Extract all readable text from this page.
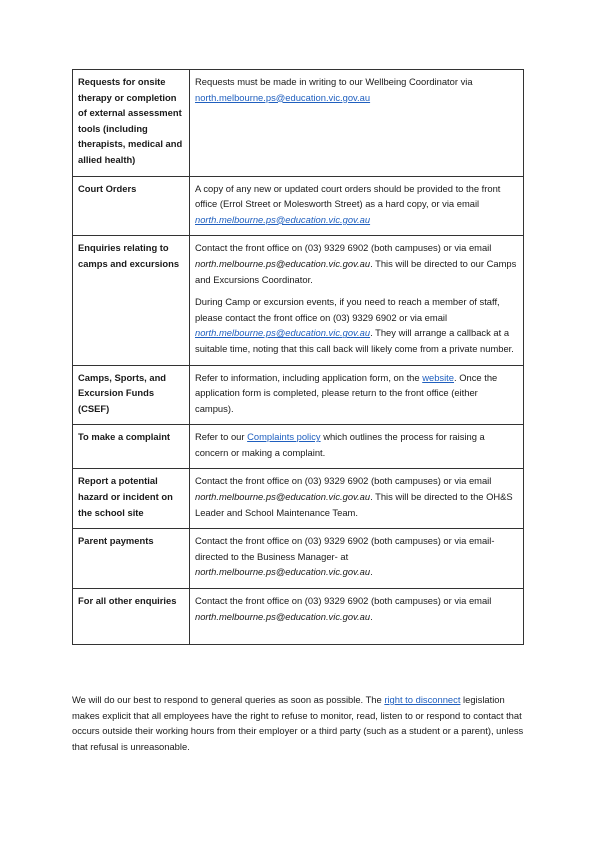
Requests for onsite therapy or completion of external assessment tools (including therapists, medical and allied health)	Requests must be made in writing to our Wellbeing Coordinator via north.melbourne.ps@education.vic.gov.au

Court Orders	A copy of any new or updated court orders should be provided to the front office (Errol Street or Molesworth Street) as a hard copy, or via email north.melbourne.ps@education.vic.gov.au

Enquiries relating to camps and excursions	Contact the front office on (03) 9329 6902 (both campuses) or via email north.melbourne.ps@education.vic.gov.au. This will be directed to our Camps and Excursions Coordinator.

During Camp or excursion events, if you need to reach a member of staff, please contact the front office on (03) 9329 6902 or via email north.melbourne.ps@education.vic.gov.au. They will arrange a callback at a suitable time, noting that this call back will likely come from a private number.

Camps, Sports, and Excursion Funds (CSEF)	Refer to information, including application form, on the website. Once the application form is completed, please return to the front office (either campus).

To make a complaint	Refer to our Complaints policy which outlines the process for raising a concern or making a complaint.

Report a potential hazard or incident on the school site	Contact the front office on (03) 9329 6902 (both campuses) or via email north.melbourne.ps@education.vic.gov.au. This will be directed to the OH&S Leader and School Maintenance Team.

Parent payments	Contact the front office on (03) 9329 6902 (both campuses) or via email- directed to the Business Manager- at north.melbourne.ps@education.vic.gov.au.

For all other enquiries	Contact the front office on (03) 9329 6902 (both campuses) or via email north.melbourne.ps@education.vic.gov.au.

We will do our best to respond to general queries as soon as possible. The right to disconnect legislation makes explicit that all employees have the right to refuse to monitor, read, listen to or respond to contact that occurs outside their working hours from their employer or a third party (such as a student or a parent), unless that refusal is unreasonable.
